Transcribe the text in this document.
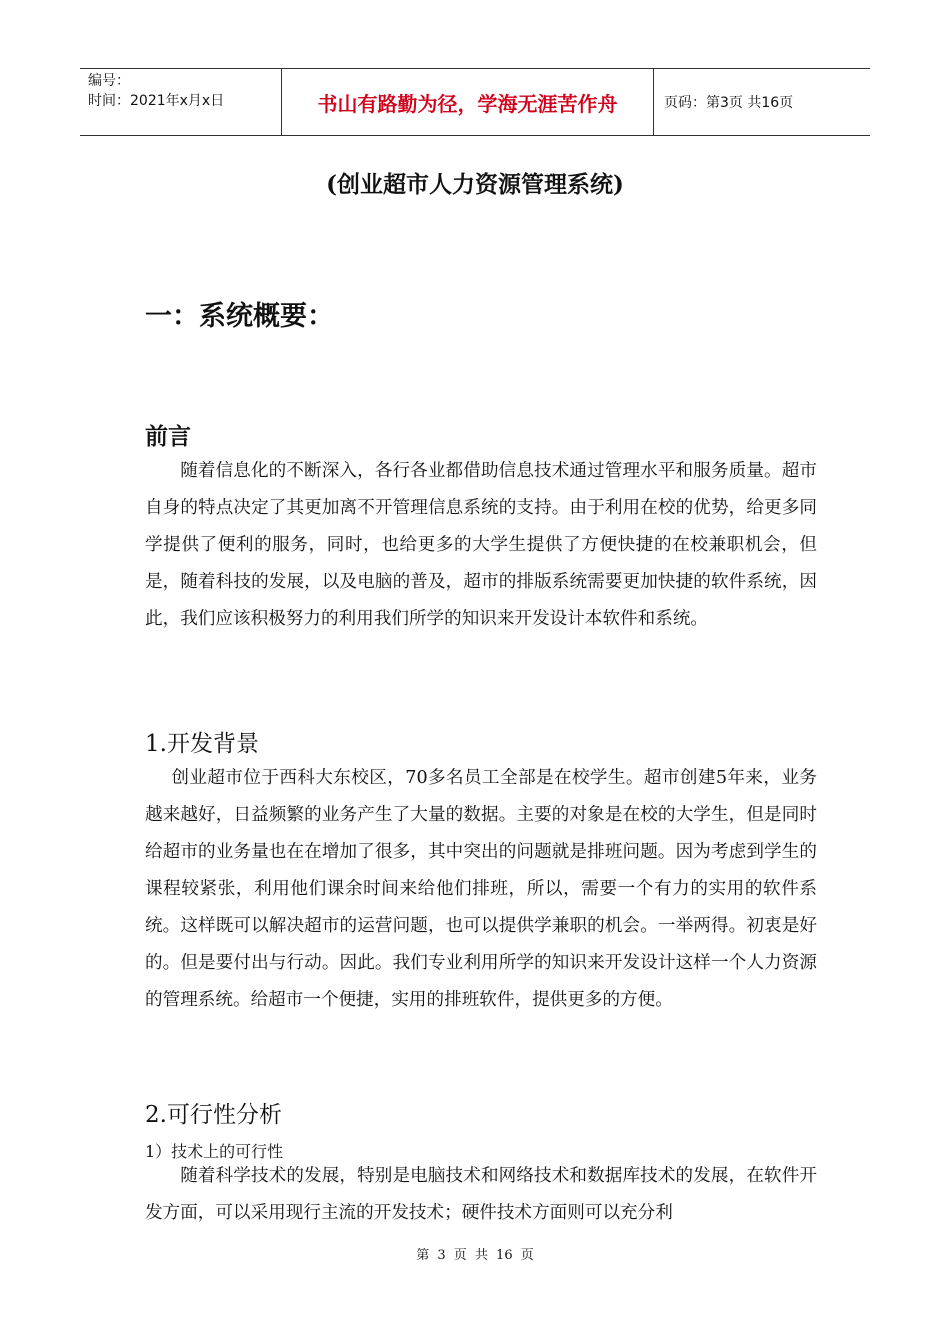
编号：
时间：2021年x月x日	书山有路勤为径，学海无涯苦作舟	页码：第3页 共16页
(创业超市人力资源管理系统)
一：系统概要：
前言

随着信息化的不断深入，各行各业都借助信息技术通过管理水平和服务质量。超市自身的特点决定了其更加离不开管理信息系统的支持。由于利用在校的优势，给更多同学提供了便利的服务，同时，也给更多的大学生提供了方便快捷的在校兼职机会，但是，随着科技的发展，以及电脑的普及，超市的排版系统需要更加快捷的软件系统，因此，我们应该积极努力的利用我们所学的知识来开发设计本软件和系统。

1.开发背景

创业超市位于西科大东校区，70多名员工全部是在校学生。超市创建5年来，业务越来越好，日益频繁的业务产生了大量的数据。主要的对象是在校的大学生，但是同时给超市的业务量也在在增加了很多，其中突出的问题就是排班问题。因为考虑到学生的课程较紧张，利用他们课余时间来给他们排班，所以，需要一个有力的实用的软件系统。这样既可以解决超市的运营问题，也可以提供学兼职的机会。一举两得。初衷是好的。但是要付出与行动。因此。我们专业利用所学的知识来开发设计这样一个人力资源的管理系统。给超市一个便捷，实用的排班软件，提供更多的方便。

2.可行性分析
1）技术上的可行性

随着科学技术的发展，特别是电脑技术和网络技术和数据库技术的发展，在软件开发方面，可以采用现行主流的开发技术；硬件技术方面则可以充分利

第 3 页 共 16 页
